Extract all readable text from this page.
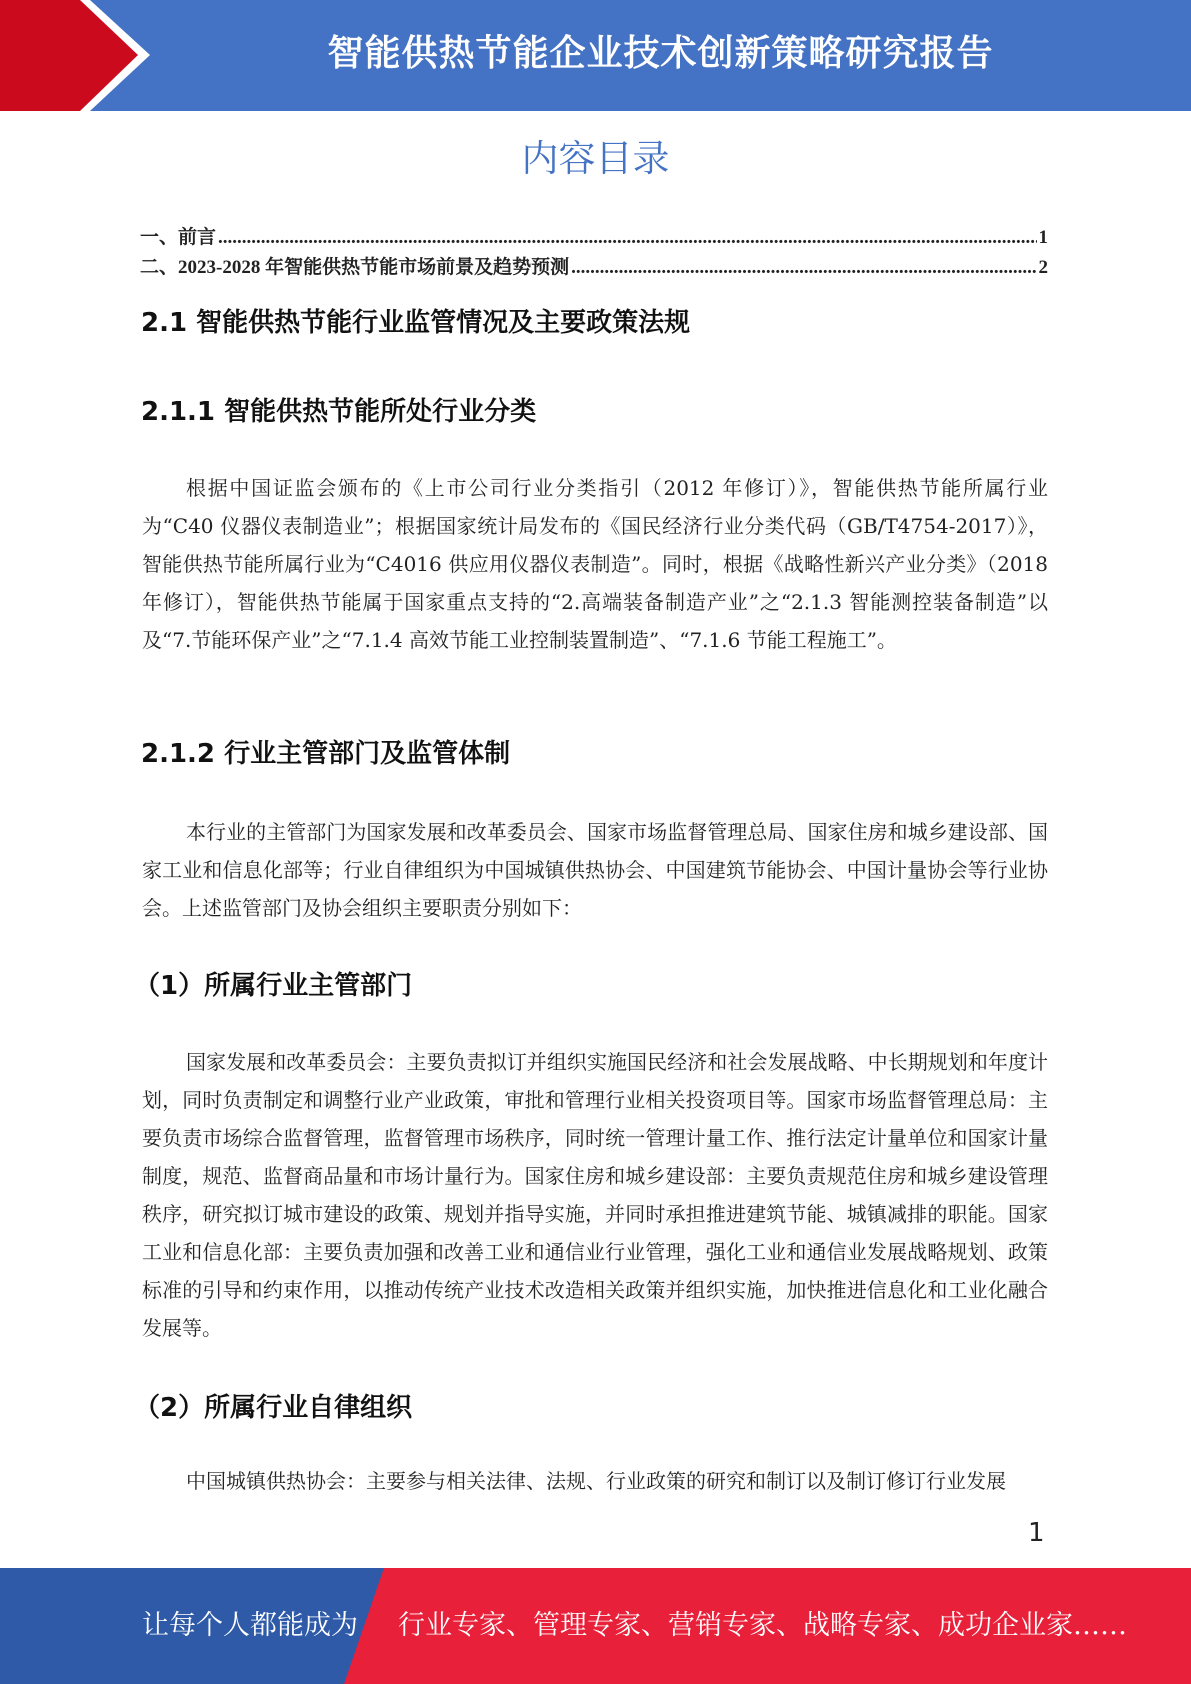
智能供热节能企业技术创新策略研究报告
内容目录
一、前言 .....	1
二、2023-2028 年智能供热节能市场前景及趋势预测 .....	2
2.1 智能供热节能行业监管情况及主要政策法规
2.1.1 智能供热节能所处行业分类

根据中国证监会颁布的《上市公司行业分类指引（2012 年修订）》，智能供热节能所属行业为“C40 仪器仪表制造业”；根据国家统计局发布的《国民经济行业分类代码（GB/T4754-2017）》，智能供热节能所属行业为“C4016 供应用仪器仪表制造”。同时，根据《战略性新兴产业分类》（2018 年修订），智能供热节能属于国家重点支持的“2.高端装备制造产业”之“2.1.3 智能测控装备制造”以及“7.节能环保产业”之“7.1.4 高效节能工业控制装置制造”、“7.1.6 节能工程施工”。

2.1.2 行业主管部门及监管体制

本行业的主管部门为国家发展和改革委员会、国家市场监督管理总局、国家住房和城乡建设部、国家工业和信息化部等；行业自律组织为中国城镇供热协会、中国建筑节能协会、中国计量协会等行业协会。上述监管部门及协会组织主要职责分别如下：

（1）所属行业主管部门

国家发展和改革委员会：主要负责拟订并组织实施国民经济和社会发展战略、中长期规划和年度计划，同时负责制定和调整行业产业政策，审批和管理行业相关投资项目等。国家市场监督管理总局：主要负责市场综合监督管理，监督管理市场秩序，同时统一管理计量工作、推行法定计量单位和国家计量制度，规范、监督商品量和市场计量行为。国家住房和城乡建设部：主要负责规范住房和城乡建设管理秩序，研究拟订城市建设的政策、规划并指导实施，并同时承担推进建筑节能、城镇减排的职能。国家工业和信息化部：主要负责加强和改善工业和通信业行业管理，强化工业和通信业发展战略规划、政策标准的引导和约束作用，以推动传统产业技术改造相关政策并组织实施，加快推进信息化和工业化融合发展等。

（2）所属行业自律组织

中国城镇供热协会：主要参与相关法律、法规、行业政策的研究和制订以及制订修订行业发展

1
让每个人都能成为 行业专家、管理专家、营销专家、战略专家、成功企业家……
